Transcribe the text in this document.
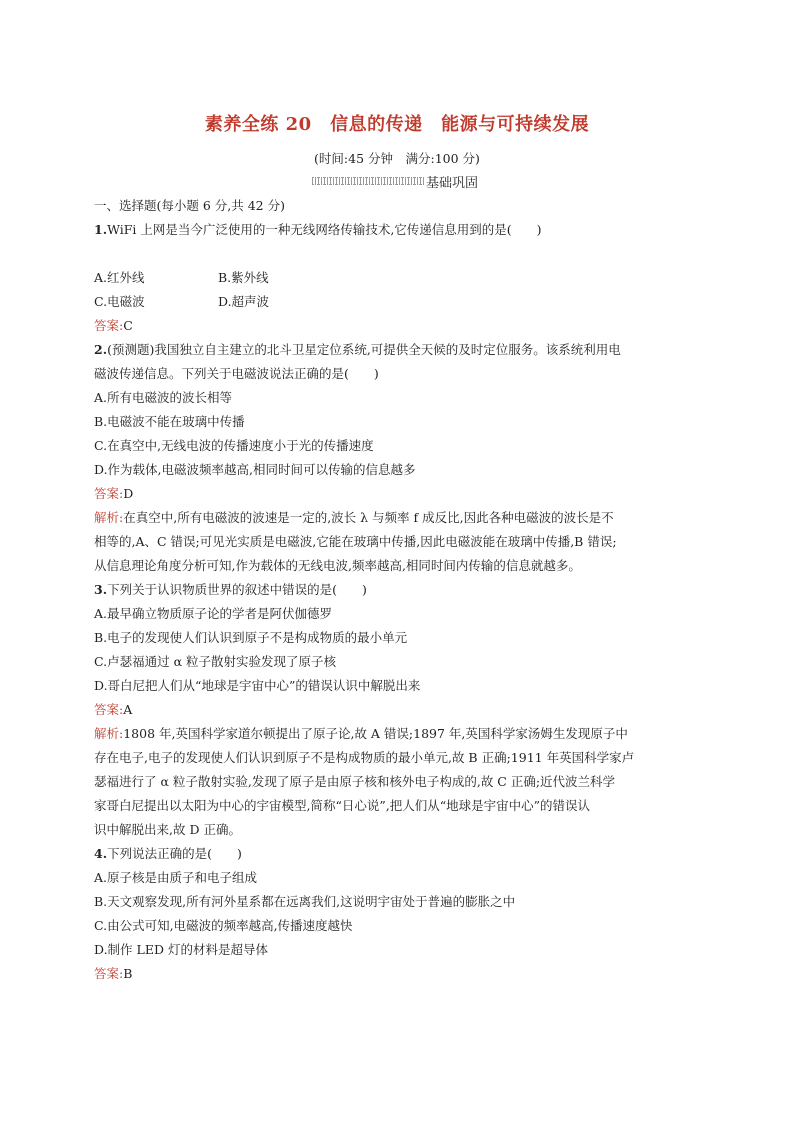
素养全练 20　信息的传递　能源与可持续发展
(时间:45 分钟　满分:100 分)
基础巩固
一、选择题(每小题 6 分,共 42 分)
1.WiFi 上网是当今广泛使用的一种无线网络传输技术,它传递信息用到的是(　　)
A.红外线	B.紫外线
C.电磁波	D.超声波
答案:C
2.(预测题)我国独立自主建立的北斗卫星定位系统,可提供全天候的及时定位服务。该系统利用电
磁波传递信息。下列关于电磁波说法正确的是(　　)
A.所有电磁波的波长相等
B.电磁波不能在玻璃中传播
C.在真空中,无线电波的传播速度小于光的传播速度
D.作为载体,电磁波频率越高,相同时间可以传输的信息越多
答案:D
解析:在真空中,所有电磁波的波速是一定的,波长 λ 与频率 f 成反比,因此各种电磁波的波长是不
相等的,A、C 错误;可见光实质是电磁波,它能在玻璃中传播,因此电磁波能在玻璃中传播,B 错误;
从信息理论角度分析可知,作为载体的无线电波,频率越高,相同时间内传输的信息就越多。
3.下列关于认识物质世界的叙述中错误的是(　　)
A.最早确立物质原子论的学者是阿伏伽德罗
B.电子的发现使人们认识到原子不是构成物质的最小单元
C.卢瑟福通过 α 粒子散射实验发现了原子核
D.哥白尼把人们从“地球是宇宙中心”的错误认识中解脱出来
答案:A
解析:1808 年,英国科学家道尔顿提出了原子论,故 A 错误;1897 年,英国科学家汤姆生发现原子中
存在电子,电子的发现使人们认识到原子不是构成物质的最小单元,故 B 正确;1911 年英国科学家卢
瑟福进行了 α 粒子散射实验,发现了原子是由原子核和核外电子构成的,故 C 正确;近代波兰科学
家哥白尼提出以太阳为中心的宇宙模型,简称“日心说”,把人们从“地球是宇宙中心”的错误认
识中解脱出来,故 D 正确。
4.下列说法正确的是(　　)
A.原子核是由质子和电子组成
B.天文观察发现,所有河外星系都在远离我们,这说明宇宙处于普遍的膨胀之中
C.由公式可知,电磁波的频率越高,传播速度越快
D.制作 LED 灯的材料是超导体
答案:B
